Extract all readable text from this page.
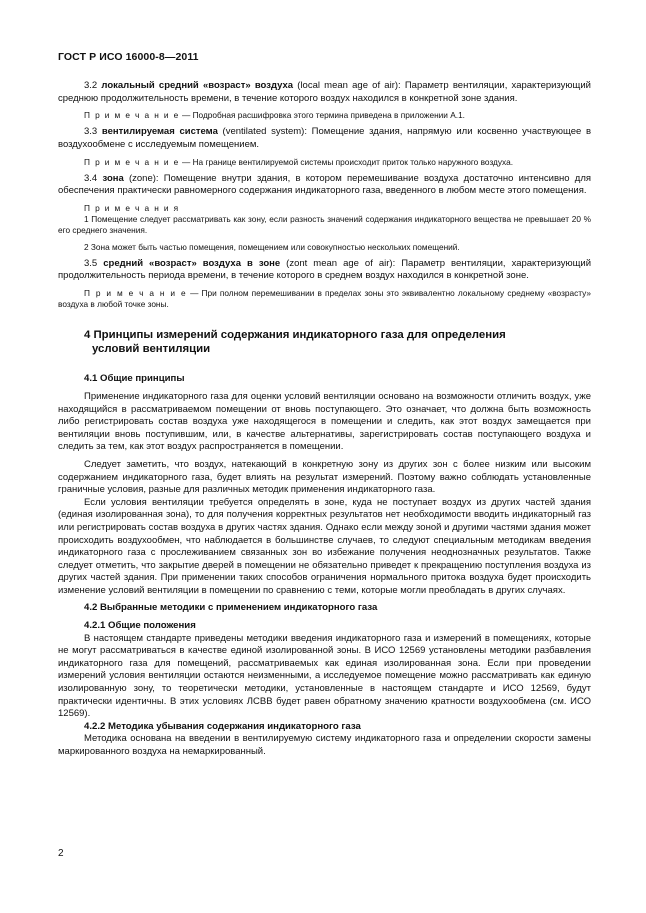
ГОСТ Р ИСО 16000-8—2011

3.2 локальный средний «возраст» воздуха (local mean age of air): Параметр вентиляции, характеризующий среднюю продолжительность времени, в течение которого воздух находился в конкретной зоне здания.

П р и м е ч а н и е — Подробная расшифровка этого термина приведена в приложении А.1.

3.3 вентилируемая система (ventilated system): Помещение здания, напрямую или косвенно участвующее в воздухообмене с исследуемым помещением.

П р и м е ч а н и е — На границе вентилируемой системы происходит приток только наружного воздуха.

3.4 зона (zone): Помещение внутри здания, в котором перемешивание воздуха достаточно интенсивно для обеспечения практически равномерного содержания индикаторного газа, введенного в любом месте этого помещения.

П р и м е ч а н и я

1 Помещение следует рассматривать как зону, если разность значений содержания индикаторного вещества не превышает 20 % его среднего значения.

2 Зона может быть частью помещения, помещением или совокупностью нескольких помещений.

3.5 средний «возраст» воздуха в зоне (zont mean age of air): Параметр вентиляции, характеризующий продолжительность периода времени, в течение которого в среднем воздух находился в конкретной зоне.

П р и м е ч а н и е — При полном перемешивании в пределах зоны это эквивалентно локальному среднему «возрасту» воздуха в любой точке зоны.

4 Принципы измерений содержания индикаторного газа для определения
условий вентиляции
4.1 Общие принципы

Применение индикаторного газа для оценки условий вентиляции основано на возможности отличить воздух, уже находящийся в рассматриваемом помещении от вновь поступающего. Это означает, что должна быть возможность либо регистрировать состав воздуха уже находящегося в помещении и следить, как этот воздух замещается при вентиляции вновь поступившим, или, в качестве альтернативы, зарегистрировать состав поступающего воздуха и следить за тем, как этот воздух распространяется в помещении.

Следует заметить, что воздух, натекающий в конкретную зону из других зон с более низким или высоким содержанием индикаторного газа, будет влиять на результат измерений. Поэтому важно соблюдать установленные граничные условия, разные для различных методик применения индикаторного газа.

Если условия вентиляции требуется определять в зоне, куда не поступает воздух из других частей здания (единая изолированная зона), то для получения корректных результатов нет необходимости вводить индикаторный газ или регистрировать состав воздуха в других частях здания. Однако если между зоной и другими частями здания может происходить воздухообмен, что наблюдается в большинстве случаев, то следуют специальным методикам введения индикаторного газа с прослеживанием связанных зон во избежание получения неоднозначных результатов. Также следует отметить, что закрытие дверей в помещении не обязательно приведет к прекращению поступления воздуха из других частей здания. При применении таких способов ограничения нормального притока воздуха будет происходить изменение условий вентиляции в помещении по сравнению с теми, которые могли преобладать в других случаях.

4.2 Выбранные методики с применением индикаторного газа
4.2.1 Общие положения

В настоящем стандарте приведены методики введения индикаторного газа и измерений в помещениях, которые не могут рассматриваться в качестве единой изолированной зоны. В ИСО 12569 установлены методики разбавления индикаторного газа для помещений, рассматриваемых как единая изолированная зона. Если при проведении измерений условия вентиляции остаются неизменными, а исследуемое помещение можно рассматривать как единую изолированную зону, то теоретически методики, установленные в настоящем стандарте и ИСО 12569, будут практически идентичны. В этих условиях ЛСВВ будет равен обратному значению кратности воздухообмена (см. ИСО 12569).

4.2.2 Методика убывания содержания индикаторного газа

Методика основана на введении в вентилируемую систему индикаторного газа и определении скорости замены маркированного воздуха на немаркированный.

2
